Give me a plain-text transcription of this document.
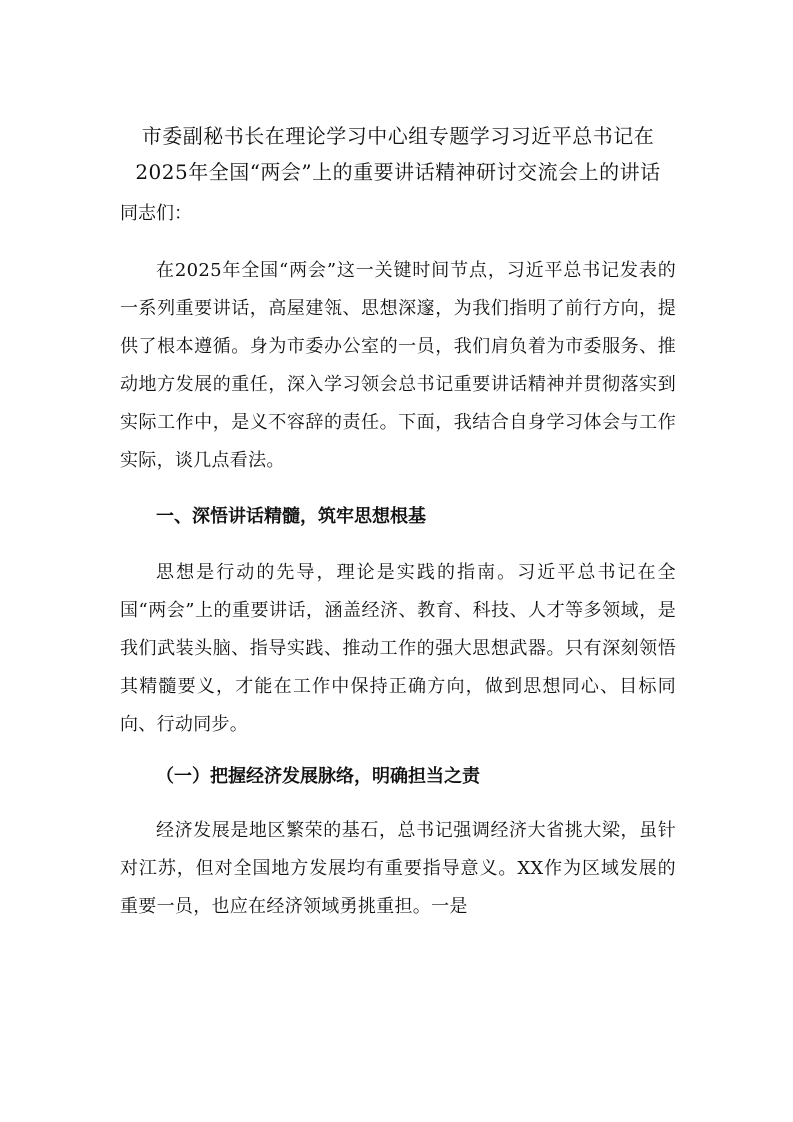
市委副秘书长在理论学习中心组专题学习习近平总书记在
2025年全国“两会”上的重要讲话精神研讨交流会上的讲话
同志们：

在2025年全国“两会”这一关键时间节点，习近平总书记发表的一系列重要讲话，高屋建瓴、思想深邃，为我们指明了前行方向，提供了根本遵循。身为市委办公室的一员，我们肩负着为市委服务、推动地方发展的重任，深入学习领会总书记重要讲话精神并贯彻落实到实际工作中，是义不容辞的责任。下面，我结合自身学习体会与工作实际，谈几点看法。

一、深悟讲话精髓，筑牢思想根基

思想是行动的先导，理论是实践的指南。习近平总书记在全国“两会”上的重要讲话，涵盖经济、教育、科技、人才等多领域，是我们武装头脑、指导实践、推动工作的强大思想武器。只有深刻领悟其精髓要义，才能在工作中保持正确方向，做到思想同心、目标同向、行动同步。

（一）把握经济发展脉络，明确担当之责

经济发展是地区繁荣的基石，总书记强调经济大省挑大梁，虽针对江苏，但对全国地方发展均有重要指导意义。XX作为区域发展的重要一员，也应在经济领域勇挑重担。一是
